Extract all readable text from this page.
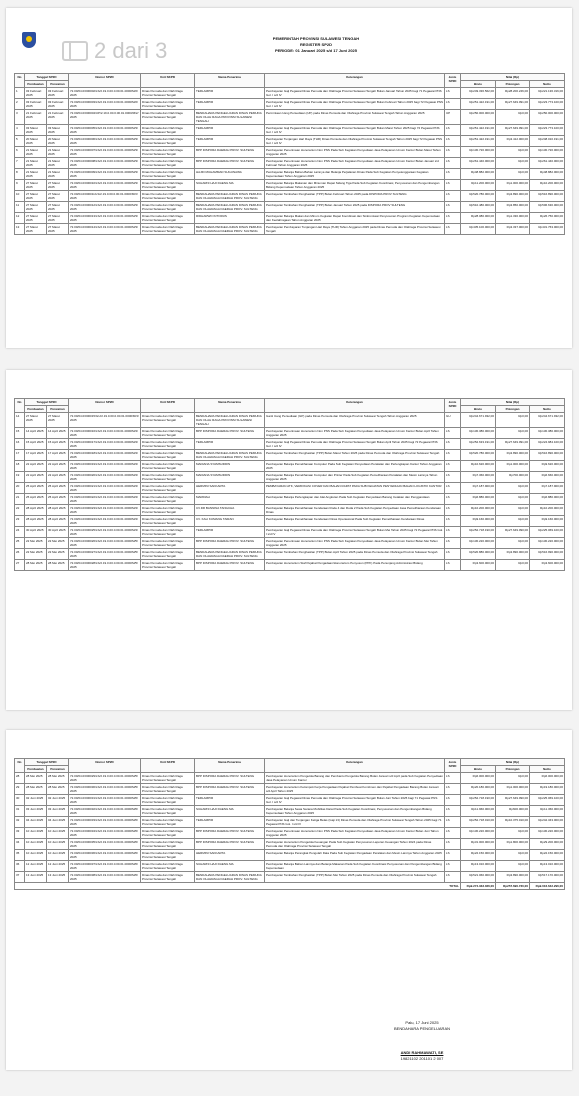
2 dari 3	PEMERINTAH PROVINSI SULAWESI TENGAH
REGISTER SP2D
PERIODE: 01 Januari 2025 s/d 17 Juni 2025
No	Tanggal SP2D		Nomor SP2D	Unit SKPD	Nama Penerima	Keterangan	Jenis SP2D	Nilai (Rp)		
	Pembuatan	Pencairan						Bruto	Potongan	Netto
1	03 Februari 2025	03 Februari 2025	72.00/04.0/000002/LS/2.19.0.00.0.00.01.0000/M/2/2025	Dinas Pemuda dan Olah Raga Provinsi Sulawesi Tengah	TERLAMPIR	Pembayaran Gaji Pegawai Dinas Pemuda dan Olahraga Provinsi Sulawesi Tengah Bulan Januari Tahun 2025 bagi 71 Pegawai PNS Gol. I s/d IV	LS	Rp249.336.562,00	Rp28.200.246,00	Rp221.136.316,00
2	03 Februari 2025	03 Februari 2025	72.00/04.0/000003/LS/2.19.0.00.0.00.01.0000/M/2/2025	Dinas Pemuda dan Olah Raga Provinsi Sulawesi Tengah	TERLAMPIR	Pembayaran Gaji Pegawai Dinas Pemuda dan Olahraga Provinsi Sulawesi Tengah Bulan Februari Tahun 2025 bagi 72 Pegawai PNS Gol. I s/d IV	LS	Rp251.422.191,00	Rp27.649.091,00	Rp223.773.100,00
3	21 Februari 2025	21 Februari 2025	72.00/04.0/000004/UP/2.19.0.00.0.00.01.0000/M/2/2025	Dinas Pemuda dan Olah Raga Provinsi Sulawesi Tengah	BENDAHARA PENGELUARAN DINAS PEMUDA DAN OLAH RAGA PROVINSI SULAWESI TENGAH	Permintaan Uang Persediaan (UP) pada Dinas Pemuda dan Olahraga Provinsi Sulawesi Tengah Tahun Anggaran 2025	UP	Rp250.000.000,00	Rp0,00	Rp250.000.000,00
4	03 Maret 2025	03 Maret 2025	72.00/04.0/000005/LS/2.19.0.00.0.00.01.0000/M/3/2025	Dinas Pemuda dan Olah Raga Provinsi Sulawesi Tengah	TERLAMPIR	Pembayaran Gaji Pegawai Dinas Pemuda dan Olahraga Provinsi Sulawesi Tengah Bulan Maret Tahun 2025 bagi 72 Pegawai PNS Gol. I s/d IV	LS	Rp251.422.191,00	Rp27.649.091,00	Rp223.773.100,00
5	20 Maret 2025	20 Maret 2025	72.00/04.0/000006/LS/2.19.0.00.0.00.01.0000/M/3/2025	Dinas Pemuda dan Olah Raga Provinsi Sulawesi Tengah	TERLAMPIR	Pembayaran Tunjangan Hari Raya (THR) Dinas Pemuda dan Olahraga Provinsi Sulawesi Tengah Tahun 2025 bagi 72 Pegawai PNS Gol. I s/d IV	LS	Rp251.422.191,00	Rp3.412.000,00	Rp248.010.191,00
6	21 Maret 2025	21 Maret 2025	72.00/04.0/000007/LS/2.19.0.00.0.00.01.0000/M/3/2025	Dinas Pemuda dan Olah Raga Provinsi Sulawesi Tengah	BPP DISPORA DAERAH PROV. SULTENG	Pembayaran Penerimaan Honorarium Non PNS Pada Sub Kegiatan Penyediaan Jasa Pelayanan Umum Kantor Bulan Maret Tahun Anggaran 2025	LS	Rp130.720.000,00	Rp0,00	Rp130.720.000,00
7	21 Maret 2025	21 Maret 2025	72.00/04.0/000008/LS/2.19.0.00.0.00.01.0000/M/3/2025	Dinas Pemuda dan Olah Raga Provinsi Sulawesi Tengah	BPP DISPORA DAERAH PROV. SULTENG	Pembayaran Penerimaan Honorarium Non PNS Pada Sub Kegiatan Penyediaan Jasa Pelayanan Umum Kantor Bulan Januari s/d Februari Tahun Anggaran 2025	LS	Rp261.440.000,00	Rp0,00	Rp261.440.000,00
8	21 Maret 2025	21 Maret 2025	72.00/04.0/000009/LS/2.19.0.00.0.00.01.0000/M/3/2025	Dinas Pemuda dan Olah Raga Provinsi Sulawesi Tengah	HAJID MUHAMMAD SUGUNAWA	Pembayaran Belanja Bahan-Bahan Lainnya dan Belanja Perjalanan Dinas Pada Sub Kegiatan Penyelenggaraan Kegiatan Kepemudaan Tahun Anggaran 2025	LS	Rp48.882.000,00	Rp0,00	Rp48.882.000,00
9	27 Maret 2025	27 Maret 2025	72.00/04.0/000010/LS/2.19.0.00.0.00.01.0000/M/3/2025	Dinas Pemuda dan Olah Raga Provinsi Sulawesi Tengah	SUHARNI HAJI DAENG MA	Pembayaran Belanja Makanan dan Minuman Rapat Sidang Tiga Pada Sub Kegiatan Koordinasi, Penyusunan dan Pengembangan Bidang Kepemudaan Tahun Anggaran 2025	LS	Rp11.200.000,00	Rp1.000.000,00	Rp10.200.000,00
10	27 Maret 2025	27 Maret 2025	72.00/04.0/000011/LS/2.19.0.00.0.00.01.0000/M/3/2025	Dinas Pemuda dan Olah Raga Provinsi Sulawesi Tengah	BENDAHARA PENGELUARAN DINAS PEMUDA DAN OLAHRAGA DAERAH PROV. SULTENG	Pembayaran Tambahan Penghasilan (TPP) Bulan Februari Tahun 2025 pada DISPORA PROV SULTENG	LS	Rp520.780.000,00	Rp3.890.000,00	Rp516.890.000,00
11	27 Maret 2025	27 Maret 2025	72.00/04.0/000012/LS/2.19.0.00.0.00.01.0000/M/3/2025	Dinas Pemuda dan Olah Raga Provinsi Sulawesi Tengah	BENDAHARA PENGELUARAN DINAS PEMUDA DAN OLAHRAGA DAERAH PROV. SULTENG	Pembayaran Tambahan Penghasilan (TPP) Bulan Januari Tahun 2025 pada DISPORA PROV SULTENG	LS	Rp510.480.000,00	Rp3.850.000,00	Rp506.630.000,00
12	27 Maret 2025	27 Maret 2025	72.00/04.0/000013/LS/2.19.0.00.0.00.01.0000/M/3/2025	Dinas Pemuda dan Olah Raga Provinsi Sulawesi Tengah	RIDHARWO INTORUS	Pembayaran Belanja Makan dan Minum Kegiatan Rapat Koordinasi dan Sinkronisasi Penyusunan Program Kegiatan Kepemudaan dan Keolahragaan Tahun Anggaran 2025	LS	Rp28.080.000,00	Rp1.330.000,00	Rp26.750.000,00
13	27 Maret 2025	27 Maret 2025	72.00/04.0/000014/LS/2.19.0.00.0.00.01.0000/M/3/2025	Dinas Pemuda dan Olah Raga Provinsi Sulawesi Tengah	BENDAHARA PENGELUARAN DINAS PEMUDA DAN OLAHRAGA DAERAH PROV. SULTENG	Pembayaran Pembayaran Tunjangan Hari Raya (THR) Tahun Anggaran 2025 pada Dinas Pemuda dan Olahraga Provinsi Sulawesi Tengah	LS	Rp435.100.000,00	Rp3.337.000,00	Rp431.763.000,00
No	Tanggal SP2D		Nomor SP2D	Unit SKPD	Nama Penerima	Keterangan	Jenis SP2D	Nilai (Rp)		
	Pembuatan	Pencairan						Bruto	Potongan	Netto
14	27 Maret 2025	27 Maret 2025	72.00/04.0/000015/GU/2.19.0.00.0.00.01.0000/M/3/2025	Dinas Pemuda dan Olah Raga Provinsi Sulawesi Tengah	BENDAHARA PENGELUARAN DINAS PEMUDA DAN OLAH RAGA PROVINSI SULAWESI TENGAH	Ganti Uang Persediaan (GP) pada Dinas Pemuda dan Olahraga Provinsi Sulawesi Tengah Tahun Anggaran 2025	GU	Rp244.671.932,00	Rp0,00	Rp244.671.932,00
15	14 April 2025	14 April 2025	72.00/04.0/000016/LS/2.19.0.00.0.00.01.0000/M/4/2025	Dinas Pemuda dan Olah Raga Provinsi Sulawesi Tengah	BPP DISPORA DAERAH PROV. SULTENG	Pembayaran Penerimaan Honorarium Non PNS Pada Sub Kegiatan Penyediaan Jasa Pelayanan Umum Kantor Bulan April Tahun Anggaran 2025	LS	Rp130.380.000,00	Rp0,00	Rp130.380.000,00
16	15 April 2025	15 April 2025	72.00/04.0/000017/LS/2.19.0.00.0.00.01.0000/M/4/2025	Dinas Pemuda dan Olah Raga Provinsi Sulawesi Tengah	TERLAMPIR	Pembayaran Gaji Pegawai Dinas Pemuda dan Olahraga Provinsi Sulawesi Tengah Bulan April Tahun 2025 bagi 72 Pegawai PNS Gol. I s/d IV	LS	Rp252.633.191,00	Rp27.649.091,00	Rp224.984.100,00
17	17 April 2025	17 April 2025	72.00/04.0/000018/LS/2.19.0.00.0.00.01.0000/M/4/2025	Dinas Pemuda dan Olah Raga Provinsi Sulawesi Tengah	BENDAHARA PENGELUARAN DINAS PEMUDA DAN OLAHRAGA DAERAH PROV. SULTENG	Pembayaran Tambahan Penghasilan (TPP) Bulan Maret Tahun 2025 pada Dinas Pemuda dan Olahraga Provinsi Sulawesi Tengah	LS	Rp520.780.000,00	Rp3.890.000,00	Rp516.890.000,00
18	22 April 2025	22 April 2025	72.00/04.0/000019/LS/2.19.0.00.0.00.01.0000/M/4/2025	Dinas Pemuda dan Olah Raga Provinsi Sulawesi Tengah	MADIANA SYAMSUDDIN	Pembayaran Belanja Pemeliharaan Komputer Pada Sub Kegiatan Penyediaan Peralatan dan Perlengkapan Kantor Tahun Anggaran 2025	LS	Rp10.620.000,00	Rp1.000.000,00	Rp9.620.000,00
19	22 April 2025	22 April 2025	72.00/04.0/000020/LS/2.19.0.00.0.00.01.0000/M/4/2025	Dinas Pemuda dan Olah Raga Provinsi Sulawesi Tengah	MADIANA SYAMSUDDIN	Pembayaran Belanja Pemeliharaan Komputer dan Printer Pada Sub Kegiatan Pemeliharaan Peralatan dan Mesin Lainnya Tahun Anggaran 2025	LS	Rp7.360.000,00	Rp700.000,00	Rp6.660.000,00
20	25 April 2025	25 April 2025	72.00/04.0/000021/LS/2.19.0.00.0.00.01.0000/M/4/2025	Dinas Pemuda dan Olah Raga Provinsi Sulawesi Tengah	HERMINI SAKKARTA	PEMBAYARAN ATK, VERIFIKASI COVER DAN BAHAN RAPAT PADA SUB KEGIATAN PENYEDIAAN BAHAN LOGISTIK KANTOR	LS	Rp7.187.900,00	Rp0,00	Rp7.187.900,00
21	25 April 2025	25 April 2025	72.00/04.0/000022/LS/2.19.0.00.0.00.01.0000/M/4/2025	Dinas Pemuda dan Olah Raga Provinsi Sulawesi Tengah	MARDIAH	Pembayaran Belanja Perlengkapan dan Alat Angkutan Pada Sub Kegiatan Penyediaan Barang Cetakan dan Penggandaan	LS	Rp6.880.000,00	Rp0,00	Rp6.880.000,00
22	28 April 2025	28 April 2025	72.00/04.0/000023/LS/2.19.0.00.0.00.01.0000/M/4/2025	Dinas Pemuda dan Olah Raga Provinsi Sulawesi Tengah	CV.DR BANNINA TANGCHA	Pembayaran Belanja Pemeliharaan Kendaraan Roda 4 dan Roda 2 Pada Sub Kegiatan Penyediaan Jasa Pemeliharaan Kendaraan Dinas	LS	Rp10.200.000,00	Rp0,00	Rp10.200.000,00
23	28 April 2025	28 April 2025	72.00/04.0/000024/LS/2.19.0.00.0.00.01.0000/M/4/2025	Dinas Pemuda dan Olah Raga Provinsi Sulawesi Tengah	CV. KALI KUMANG TAIRAN	Pembayaran Belanja Pemeliharaan Kendaraan Dinas Operasional Pada Sub Kegiatan Pemeliharaan Kendaraan Dinas	LS	Rp9.160.000,00	Rp0,00	Rp9.160.000,00
24	30 April 2025	30 April 2025	72.00/04.0/000025/LS/2.19.0.00.0.00.01.0000/M/4/2025	Dinas Pemuda dan Olah Raga Provinsi Sulawesi Tengah	TERLAMPIR	Pembayaran Gaji Pegawai Dinas Pemuda dan Olahraga Provinsi Sulawesi Tengah Bulan Mei Tahun 2025 bagi 72 Pegawai PNS Gol. I s/d IV	LS	Rp252.718.190,00	Rp27.649.090,00	Rp225.069.100,00
25	22 Mei 2025	22 Mei 2025	72.00/04.0/000026/LS/2.19.0.00.0.00.01.0000/M/5/2025	Dinas Pemuda dan Olah Raga Provinsi Sulawesi Tengah	BPP DISPORA DAERAH PROV. SULTENG	Pembayaran Penerimaan Honorarium Non PNS Pada Sub Kegiatan Penyediaan Jasa Pelayanan Umum Kantor Bulan Mei Tahun Anggaran 2025	LS	Rp130.220.000,00	Rp0,00	Rp130.220.000,00
26	22 Mei 2025	22 Mei 2025	72.00/04.0/000027/LS/2.19.0.00.0.00.01.0000/M/5/2025	Dinas Pemuda dan Olah Raga Provinsi Sulawesi Tengah	BENDAHARA PENGELUARAN DINAS PEMUDA DAN OLAHRAGA DAERAH PROV. SULTENG	Pembayaran Tambahan Penghasilan (TPP) Bulan April Tahun 2025 pada Dinas Pemuda dan Olahraga Provinsi Sulawesi Tengah	LS	Rp520.880.000,00	Rp3.890.000,00	Rp516.990.000,00
27	28 Mei 2025	28 Mei 2025	72.00/04.0/000028/LS/2.19.0.00.0.00.01.0000/M/5/2025	Dinas Pemuda dan Olah Raga Provinsi Sulawesi Tengah	BPP DISPORA DAERAH PROV. SULTENG	Pembayaran Honorarium Staf Pejabat Pengadaan/Honorarium Penyusun (PPK) Pada Penunjang Administrasi Bidang	LS	Rp3.600.000,00	Rp0,00	Rp3.600.000,00
No	Tanggal SP2D		Nomor SP2D	Unit SKPD	Nama Penerima	Keterangan	Jenis SP2D	Nilai (Rp)		
	Pembuatan	Pencairan						Bruto	Potongan	Netto
28	28 Mei 2025	28 Mei 2025	72.00/04.0/000029/LS/2.19.0.00.0.00.01.0000/M/5/2025	Dinas Pemuda dan Olah Raga Provinsi Sulawesi Tengah	BPP DISPORA DAERAH PROV. SULTENG	Pembayaran Honorarium Pengelola Barang dan Pembantu Pengelola Barang Bulan Januari s/d April pada Sub Kegiatan Penyediaan Jasa Pelayanan Umum Kantor	LS	Rp6.000.000,00	Rp0,00	Rp6.000.000,00
29	28 Mei 2025	28 Mei 2025	72.00/04.0/000030/LS/2.19.0.00.0.00.01.0000/M/5/2025	Dinas Pemuda dan Olah Raga Provinsi Sulawesi Tengah	BPP DISPORA DAERAH PROV. SULTENG	Pembayaran Honorarium Kelompok Kerja Pengadaan Pejabat Pembuat Komitmen dan Pejabat Pengadaan Barang Bulan Januari s/d April Tahun 2025	LS	Rp20.180.000,00	Rp1.000.000,00	Rp19.180.000,00
30	02 Juni 2025	02 Juni 2025	72.00/04.0/000031/LS/2.19.0.00.0.00.01.0000/M/6/2025	Dinas Pemuda dan Olah Raga Provinsi Sulawesi Tengah	TERLAMPIR	Pembayaran Gaji Pegawai Dinas Pemuda dan Olahraga Provinsi Sulawesi Tengah Bulan Juni Tahun 2025 bagi 71 Pegawai PNS Gol. I s/d IV	LS	Rp252.718.190,00	Rp27.649.090,00	Rp225.069.100,00
31	03 Juni 2025	03 Juni 2025	72.00/04.0/000032/LS/2.19.0.00.0.00.01.0000/M/6/2025	Dinas Pemuda dan Olah Raga Provinsi Sulawesi Tengah	SUHARNI HAJI DAENG MA	Pembayaran Belanja Sewa Sarana Mobilitas Darat Pada Sub Kegiatan Koordinasi, Penyusunan dan Pengembangan Bidang Kepemudaan Tahun Anggaran 2025	LS	Rp11.960.000,00	Rp600.000,00	Rp11.360.000,00
32	04 Juni 2025	04 Juni 2025	72.00/04.0/000033/LS/2.19.0.00.0.00.01.0000/M/6/2025	Dinas Pemuda dan Olah Raga Provinsi Sulawesi Tengah	TERLAMPIR	Pembayaran Gaji dan Tunjangan Ketiga Belas (Gaji 13) Dinas Pemuda dan Olahraga Provinsi Sulawesi Tengah Tahun 2025 bagi 71 Pegawai PNS Gol. I s/d IV	LS	Rp252.718.010,00	Rp10.375.010,00	Rp242.343.000,00
33	10 Juni 2025	10 Juni 2025	72.00/04.0/000034/LS/2.19.0.00.0.00.01.0000/M/6/2025	Dinas Pemuda dan Olah Raga Provinsi Sulawesi Tengah	BPP DISPORA DAERAH PROV. SULTENG	Pembayaran Penerimaan Honorarium Non PNS Pada Sub Kegiatan Penyediaan Jasa Pelayanan Umum Kantor Bulan Juni Tahun Anggaran 2025	LS	Rp130.220.000,00	Rp0,00	Rp130.220.000,00
34	10 Juni 2025	10 Juni 2025	72.00/04.0/000035/LS/2.19.0.00.0.00.01.0000/M/6/2025	Dinas Pemuda dan Olah Raga Provinsi Sulawesi Tengah	BPP DISPORA DAERAH PROV. SULTENG	Pembayaran Honorarium Pengelola Keuangan Pada Sub Kegiatan Penyusunan Laporan Keuangan Tahun 2024 pada Dinas Pemuda dan Olahraga Provinsi Sulawesi Tengah	LS	Rp31.000.000,00	Rp1.800.000,00	Rp29.200.000,00
35	10 Juni 2025	10 Juni 2025	72.00/04.0/000036/LS/2.19.0.00.0.00.01.0000/M/6/2025	Dinas Pemuda dan Olah Raga Provinsi Sulawesi Tengah	HERMINI SAKKARTA	Pembayaran Belanja Perangkat Pengolah Data Pada Sub Kegiatan Pengadaan Peralatan dan Mesin Lainnya Tahun Anggaran 2025	LS	Rp22.150.000,00	Rp0,00	Rp22.150.000,00
36	12 Juni 2025	12 Juni 2025	72.00/04.0/000037/LS/2.19.0.00.0.00.01.0000/M/6/2025	Dinas Pemuda dan Olah Raga Provinsi Sulawesi Tengah	SUHARNI HAJI DAENG MA	Pembayaran Belanja Bahan Lainnya dan Belanja Makanan Pada Sub Kegiatan Koordinasi Penyusunan dan Pengembangan Bidang Kepemudaan	LS	Rp13.010.000,00	Rp0,00	Rp13.010.000,00
37	13 Juni 2025	13 Juni 2025	72.00/04.0/000038/LS/2.19.0.00.0.00.01.0000/M/6/2025	Dinas Pemuda dan Olah Raga Provinsi Sulawesi Tengah	BENDAHARA PENGELUARAN DINAS PEMUDA DAN OLAHRAGA DAERAH PROV. SULTENG	Pembayaran Tambahan Penghasilan (TPP) Bulan Mei Tahun 2025 pada Dinas Pemuda dan Olahraga Provinsi Sulawesi Tengah	LS	Rp521.060.000,00	Rp3.890.000,00	Rp517.170.000,00
TOTAL								Rp9.274.333.026,00	Rp257.690.730,00	Rp9.016.642.296,00
Palu, 17 Juni 2025
BENDAHARA PENGELUARAN
ANDI RAHMAWATI, SE
19821102 201101 2 007
